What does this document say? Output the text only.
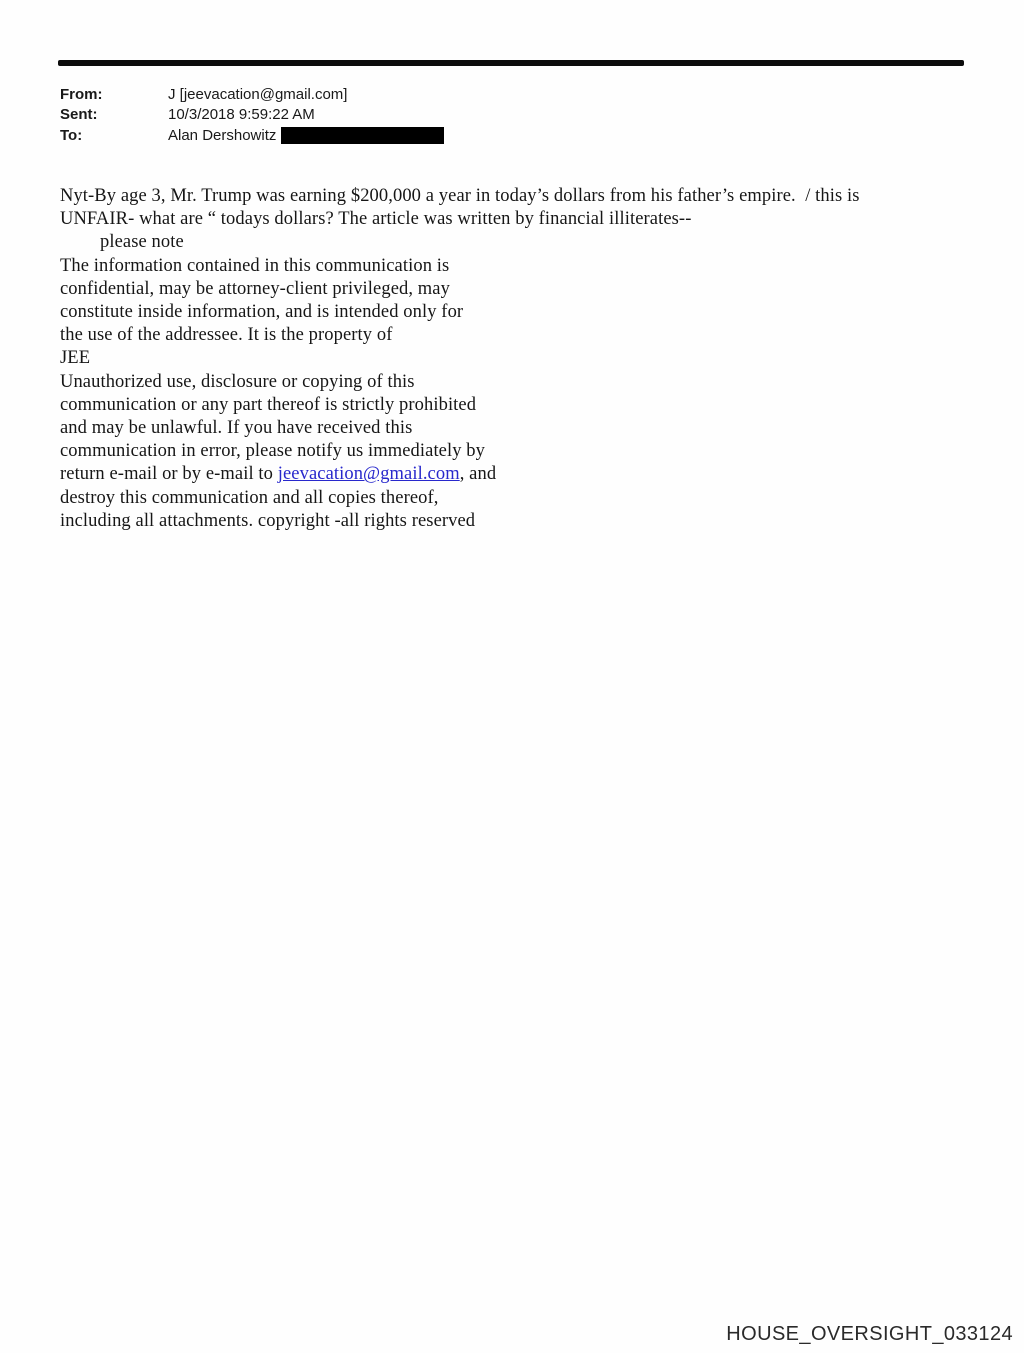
From:	J [jeevacation@gmail.com]
Sent:	10/3/2018 9:59:22 AM
To:	Alan Dershowitz
Nyt-By age 3, Mr. Trump was earning $200,000 a year in today’s dollars from his father’s empire.  / this is
UNFAIR- what are “ todays dollars? The article was written by financial illiterates--
please note
The information contained in this communication is
confidential, may be attorney-client privileged, may
constitute inside information, and is intended only for
the use of the addressee. It is the property of
JEE
Unauthorized use, disclosure or copying of this
communication or any part thereof is strictly prohibited
and may be unlawful. If you have received this
communication in error, please notify us immediately by
return e-mail or by e-mail to jeevacation@gmail.com, and
destroy this communication and all copies thereof,
including all attachments. copyright -all rights reserved
HOUSE_OVERSIGHT_033124
